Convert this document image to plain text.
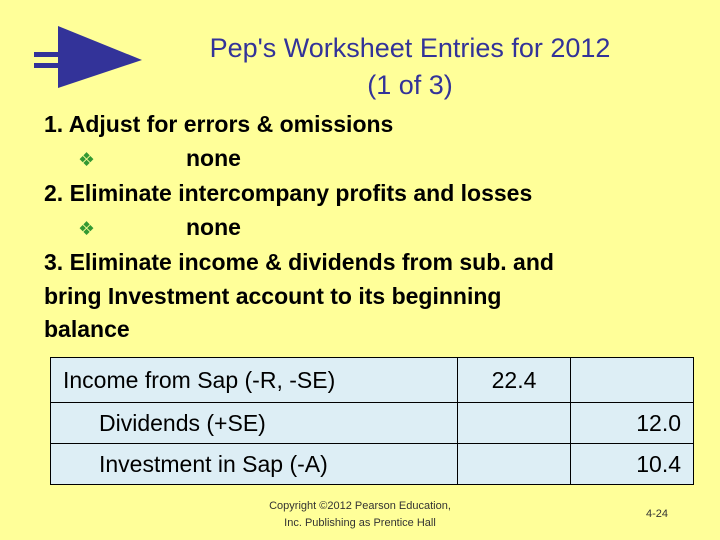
Pep's Worksheet Entries for 2012
(1 of 3)
1. Adjust for errors & omissions
❖	none
2. Eliminate intercompany profits and losses
❖	none
3. Eliminate income & dividends from sub. and
bring Investment account to its beginning
balance
Income from Sap (-R, -SE)	22.4	
Dividends (+SE)		12.0
Investment in Sap (-A)		10.4
Copyright ©2012 Pearson Education,
Inc. Publishing as Prentice Hall
4-24
